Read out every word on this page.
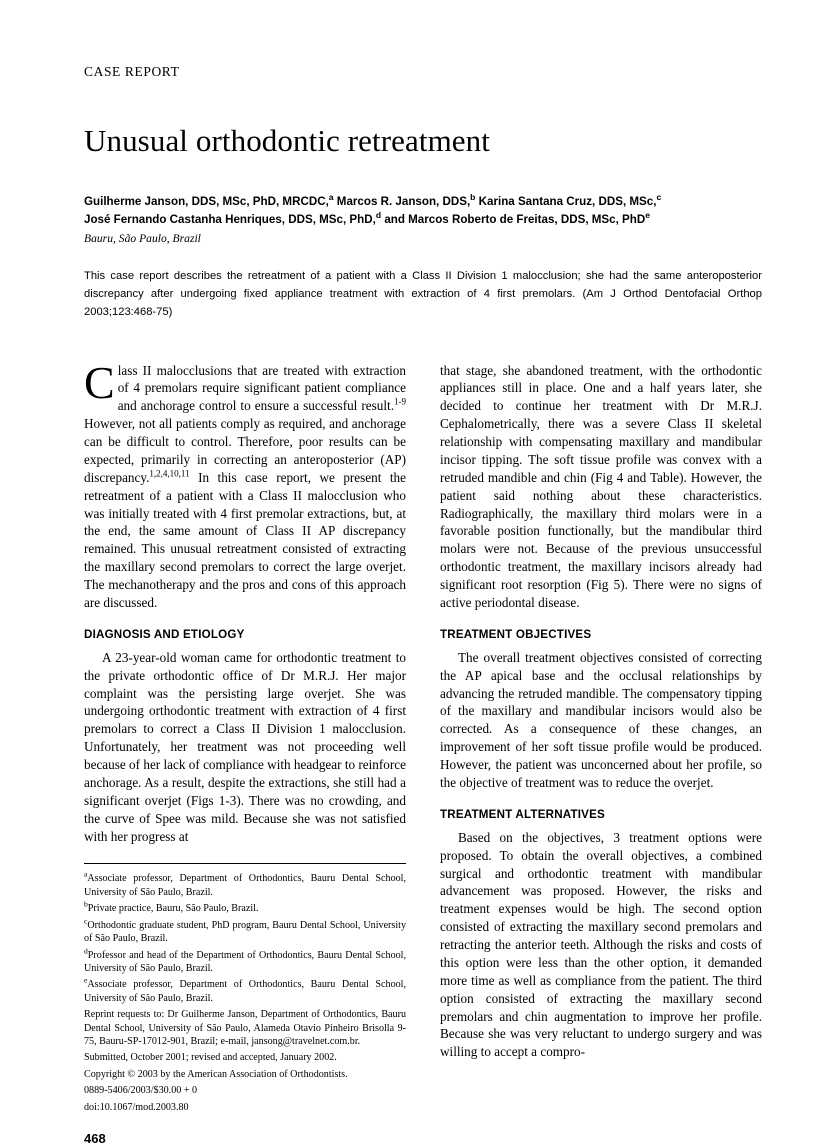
CASE REPORT
Unusual orthodontic retreatment
Guilherme Janson, DDS, MSc, PhD, MRCDC,$^a$ Marcos R. Janson, DDS,$^b$ Karina Santana Cruz, DDS, MSc,$^c$
José Fernando Castanha Henriques, DDS, MSc, PhD,$^d$ and Marcos Roberto de Freitas, DDS, MSc, PhD$^e$
Bauru, São Paulo, Brazil
This case report describes the retreatment of a patient with a Class II Division 1 malocclusion; she had the same anteroposterior discrepancy after undergoing fixed appliance treatment with extraction of 4 first premolars. (Am J Orthod Dentofacial Orthop 2003;123:468-75)

Class II malocclusions that are treated with extraction of 4 premolars require significant patient compliance and anchorage control to ensure a successful result.$^{1-9}$ However, not all patients comply as required, and anchorage can be difficult to control. Therefore, poor results can be expected, primarily in correcting an anteroposterior (AP) discrepancy.$^{1,2,4,10,11}$ In this case report, we present the retreatment of a patient with a Class II malocclusion who was initially treated with 4 first premolar extractions, but, at the end, the same amount of Class II AP discrepancy remained. This unusual retreatment consisted of extracting the maxillary second premolars to correct the large overjet. The mechanotherapy and the pros and cons of this approach are discussed.

DIAGNOSIS AND ETIOLOGY

A 23-year-old woman came for orthodontic treatment to the private orthodontic office of Dr M.R.J. Her major complaint was the persisting large overjet. She was undergoing orthodontic treatment with extraction of 4 first premolars to correct a Class II Division 1 malocclusion. Unfortunately, her treatment was not proceeding well because of her lack of compliance with headgear to reinforce anchorage. As a result, despite the extractions, she still had a significant overjet (Figs 1-3). There was no crowding, and the curve of Spee was mild. Because she was not satisfied with her progress at

$^a$Associate professor, Department of Orthodontics, Bauru Dental School, University of São Paulo, Brazil.

$^b$Private practice, Bauru, São Paulo, Brazil.

$^c$Orthodontic graduate student, PhD program, Bauru Dental School, University of São Paulo, Brazil.

$^d$Professor and head of the Department of Orthodontics, Bauru Dental School, University of São Paulo, Brazil.

$^e$Associate professor, Department of Orthodontics, Bauru Dental School, University of São Paulo, Brazil.

Reprint requests to: Dr Guilherme Janson, Department of Orthodontics, Bauru Dental School, University of São Paulo, Alameda Otavio Pinheiro Brisolla 9-75, Bauru-SP-17012-901, Brazil; e-mail, jansong@travelnet.com.br.

Submitted, October 2001; revised and accepted, January 2002.

Copyright © 2003 by the American Association of Orthodontists.

0889-5406/2003/$30.00 + 0

doi:10.1067/mod.2003.80

468

that stage, she abandoned treatment, with the orthodontic appliances still in place. One and a half years later, she decided to continue her treatment with Dr M.R.J. Cephalometrically, there was a severe Class II skeletal relationship with compensating maxillary and mandibular incisor tipping. The soft tissue profile was convex with a retruded mandible and chin (Fig 4 and Table). However, the patient said nothing about these characteristics. Radiographically, the maxillary third molars were in a favorable position functionally, but the mandibular third molars were not. Because of the previous unsuccessful orthodontic treatment, the maxillary incisors already had significant root resorption (Fig 5). There were no signs of active periodontal disease.

TREATMENT OBJECTIVES

The overall treatment objectives consisted of correcting the AP apical base and the occlusal relationships by advancing the retruded mandible. The compensatory tipping of the maxillary and mandibular incisors would also be corrected. As a consequence of these changes, an improvement of her soft tissue profile would be produced. However, the patient was unconcerned about her profile, so the objective of treatment was to reduce the overjet.

TREATMENT ALTERNATIVES

Based on the objectives, 3 treatment options were proposed. To obtain the overall objectives, a combined surgical and orthodontic treatment with mandibular advancement was proposed. However, the risks and treatment expenses would be high. The second option consisted of extracting the maxillary second premolars and retracting the anterior teeth. Although the risks and costs of this option were less than the other option, it demanded more time as well as compliance from the patient. The third option consisted of extracting the maxillary second premolars and chin augmentation to improve her profile. Because she was very reluctant to undergo surgery and was willing to accept a compro-
